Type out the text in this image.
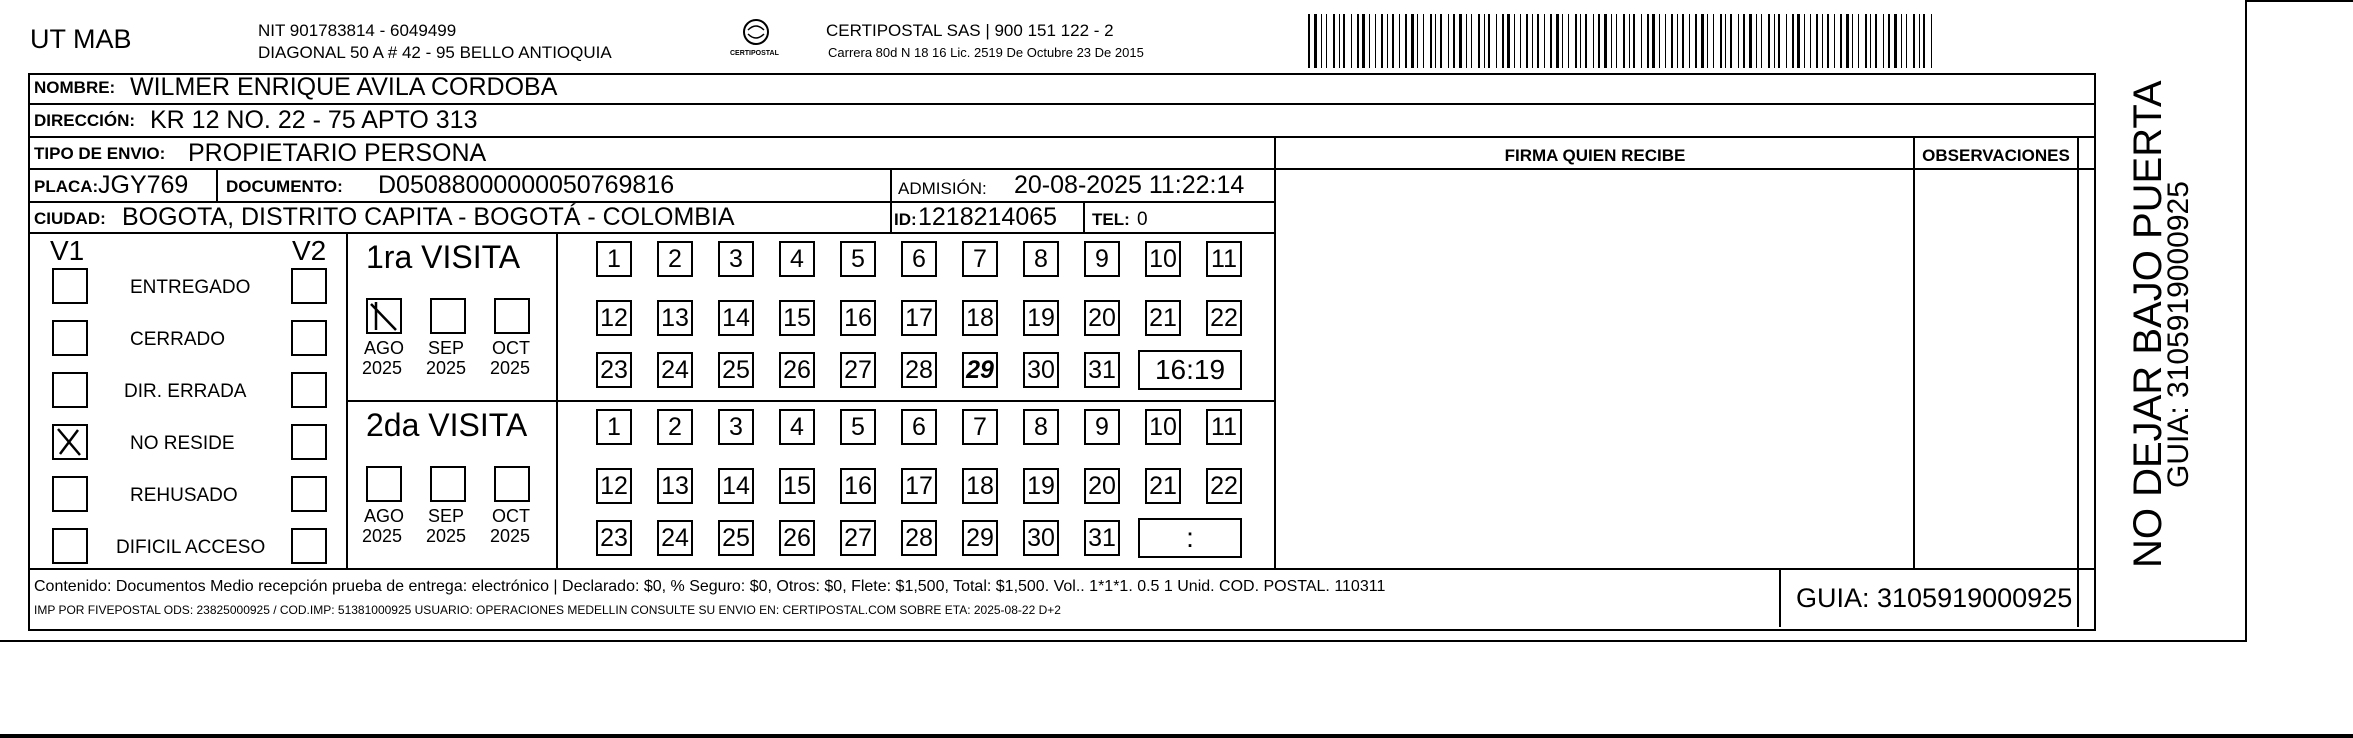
UT MAB	NIT 901783814 - 6049499
DIAGONAL 50 A # 42 - 95 BELLO ANTIOQUIA	CERTIPOSTAL
CERTIPOSTAL SAS | 900 151 122 - 2
Carrera 80d N 18 16 Lic. 2519 De Octubre 23 De 2015
NOMBRE: WILMER ENRIQUE AVILA CORDOBA
DIRECCIÓN: KR 12 NO. 22 - 75 APTO 313
TIPO DE ENVIO: PROPIETARIO PERSONA	FIRMA QUIEN RECIBE	OBSERVACIONES
PLACA: JGY769 DOCUMENTO: D05088000000050769816	ADMISIÓN: 20-08-2025 11:22:14
CIUDAD: BOGOTA, DISTRITO CAPITA - BOGOTÁ - COLOMBIA	ID: 1218214065 TEL: 0
V1	V2
ENTREGADO
CERRADO
DIR. ERRADA
NO RESIDE
REHUSADO
DIFICIL ACCESO
1ra VISITA
AGO
2025
SEP
2025
OCT
2025
1	2	3	4	5	6	7	8	9	10 11
12 13 14 15 16 17 18 19 20 21 22
23 24 25 26 27 28 29 30 31	16:19
2da VISITA
AGO
2025
SEP
2025
OCT
2025
1	2	3	4	5	6	7	8	9	10 11
12 13 14 15 16 17 18 19 20 21 22
23 24 25 26 27 28 29 30 31	:
Contenido: Documentos Medio recepción prueba de entrega: electrónico | Declarado: $0, % Seguro: $0, Otros: $0, Flete: $1,500, Total: $1,500. Vol.. 1*1*1. 0.5 1 Unid. COD. POSTAL. 110311
IMP POR FIVEPOSTAL ODS: 23825000925 / COD.IMP: 51381000925 USUARIO: OPERACIONES MEDELLIN CONSULTE SU ENVIO EN: CERTIPOSTAL.COM SOBRE ETA: 2025-08-22 D+2	GUIA: 3105919000925
NO DEJAR BAJO PUERTA
GUIA: 3105919000925
